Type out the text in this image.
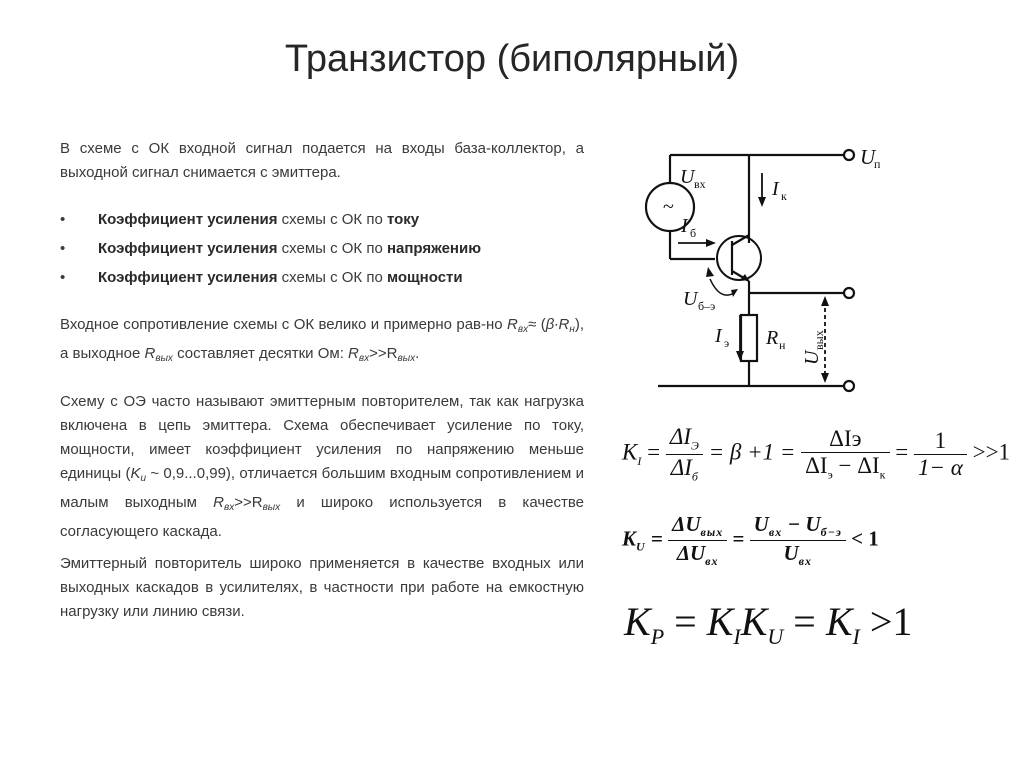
Транзистор (биполярный)

В схеме с ОК входной сигнал подается на входы база-коллектор, а выходной сигнал снимается с эмиттера.

• Коэффициент усиления схемы с ОК по току
• Коэффициент усиления схемы с ОК по напряжению
• Коэффициент усиления схемы с ОК по мощности

Входное сопротивление схемы с ОК велико и примерно рав-но $R_{вх}\approx (\beta\cdot R_н)$, а выходное $R_{вых}$ составляет десятки Ом: $R_{вх}>>R_{вых}$.

Схему с ОЭ часто называют эмиттерным повторителем, так как нагрузка включена в цепь эмиттера. Схема обеспечивает усиление по току, мощности, имеет коэффициент усиления по напряжению меньше единицы ($K_u$ ~ 0,9...0,99), отличается большим входным сопротивлением и малым выходным $R_{вх}>>R_{вых}$ и широко используется в качестве согласующего каскада.

Эмиттерный повторитель широко применяется в качестве входных или выходных каскадов в усилителях, в частности при работе на емкостную нагрузку или линию связи.

~
U
п
U вх	I к
I б
U б–э
I э R н
U
вых
$K_I = \frac{\Delta I_Э}{\Delta I_б} = \beta +1 = \frac{\text{ΔIэ}}{\Delta I_э - \Delta I_к} = \frac{1}{1- \alpha} >>1$
$K_U = \frac{\Delta U_{вых}}{\Delta U_{вх}} = \frac{U_{вх} - U_{б-э}}{U_{вх}} < 1$
$K_P = K_IK_U = K_I >1$
